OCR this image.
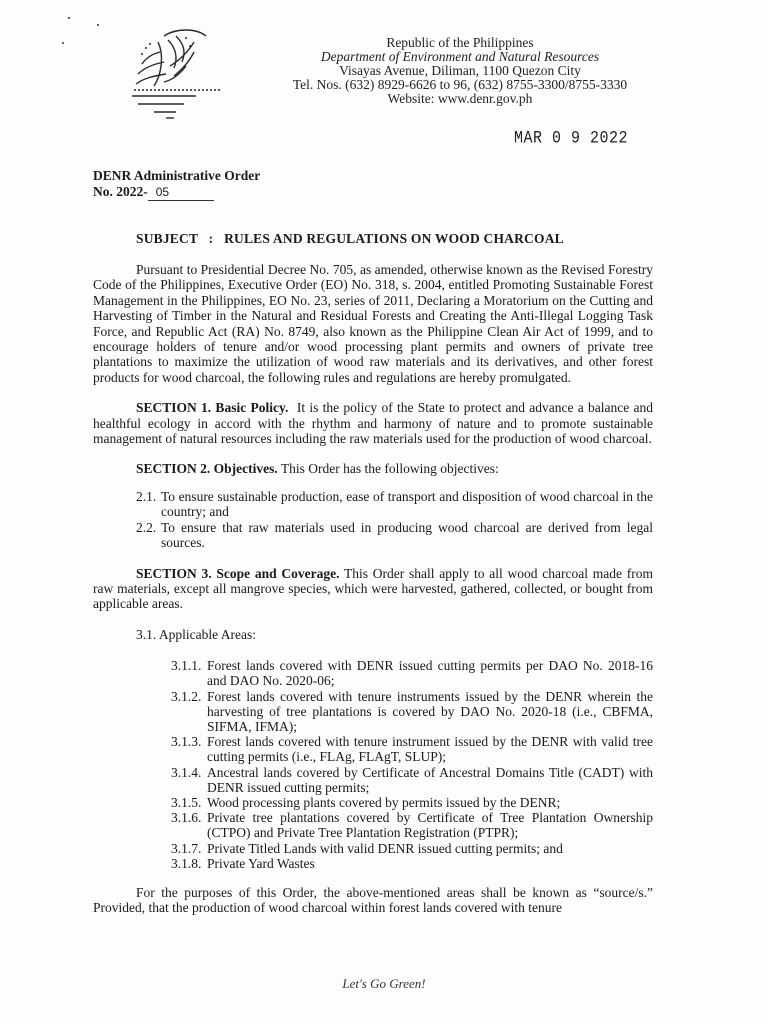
Republic of the Philippines
Department of Environment and Natural Resources
Visayas Avenue, Diliman, 1100 Quezon City
Tel. Nos. (632) 8929-6626 to 96, (632) 8755-3300/8755-3330
Website: www.denr.gov.ph
MAR 0 9 2022
DENR Administrative Order
No. 2022- 05
SUBJECT   :   RULES AND REGULATIONS ON WOOD CHARCOAL

Pursuant to Presidential Decree No. 705, as amended, otherwise known as the Revised Forestry Code of the Philippines, Executive Order (EO) No. 318, s. 2004, entitled Promoting Sustainable Forest Management in the Philippines, EO No. 23, series of 2011, Declaring a Moratorium on the Cutting and Harvesting of Timber in the Natural and Residual Forests and Creating the Anti-Illegal Logging Task Force, and Republic Act (RA) No. 8749, also known as the Philippine Clean Air Act of 1999, and to encourage holders of tenure and/or wood processing plant permits and owners of private tree plantations to maximize the utilization of wood raw materials and its derivatives, and other forest products for wood charcoal, the following rules and regulations are hereby promulgated.

SECTION 1. Basic Policy. It is the policy of the State to protect and advance a balance and healthful ecology in accord with the rhythm and harmony of nature and to promote sustainable management of natural resources including the raw materials used for the production of wood charcoal.

SECTION 2. Objectives. This Order has the following objectives:

2.1. To ensure sustainable production, ease of transport and disposition of wood charcoal in the country; and
2.2. To ensure that raw materials used in producing wood charcoal are derived from legal sources.

SECTION 3. Scope and Coverage. This Order shall apply to all wood charcoal made from raw materials, except all mangrove species, which were harvested, gathered, collected, or bought from applicable areas.

3.1. Applicable Areas:
3.1.1. Forest lands covered with DENR issued cutting permits per DAO No. 2018-16 and DAO No. 2020-06;
3.1.2. Forest lands covered with tenure instruments issued by the DENR wherein the harvesting of tree plantations is covered by DAO No. 2020-18 (i.e., CBFMA, SIFMA, IFMA);
3.1.3. Forest lands covered with tenure instrument issued by the DENR with valid tree cutting permits (i.e., FLAg, FLAgT, SLUP);
3.1.4. Ancestral lands covered by Certificate of Ancestral Domains Title (CADT) with DENR issued cutting permits;
3.1.5. Wood processing plants covered by permits issued by the DENR;
3.1.6. Private tree plantations covered by Certificate of Tree Plantation Ownership (CTPO) and Private Tree Plantation Registration (PTPR);
3.1.7. Private Titled Lands with valid DENR issued cutting permits; and
3.1.8. Private Yard Wastes

For the purposes of this Order, the above-mentioned areas shall be known as “source/s.” Provided, that the production of wood charcoal within forest lands covered with tenure

Let's Go Green!
